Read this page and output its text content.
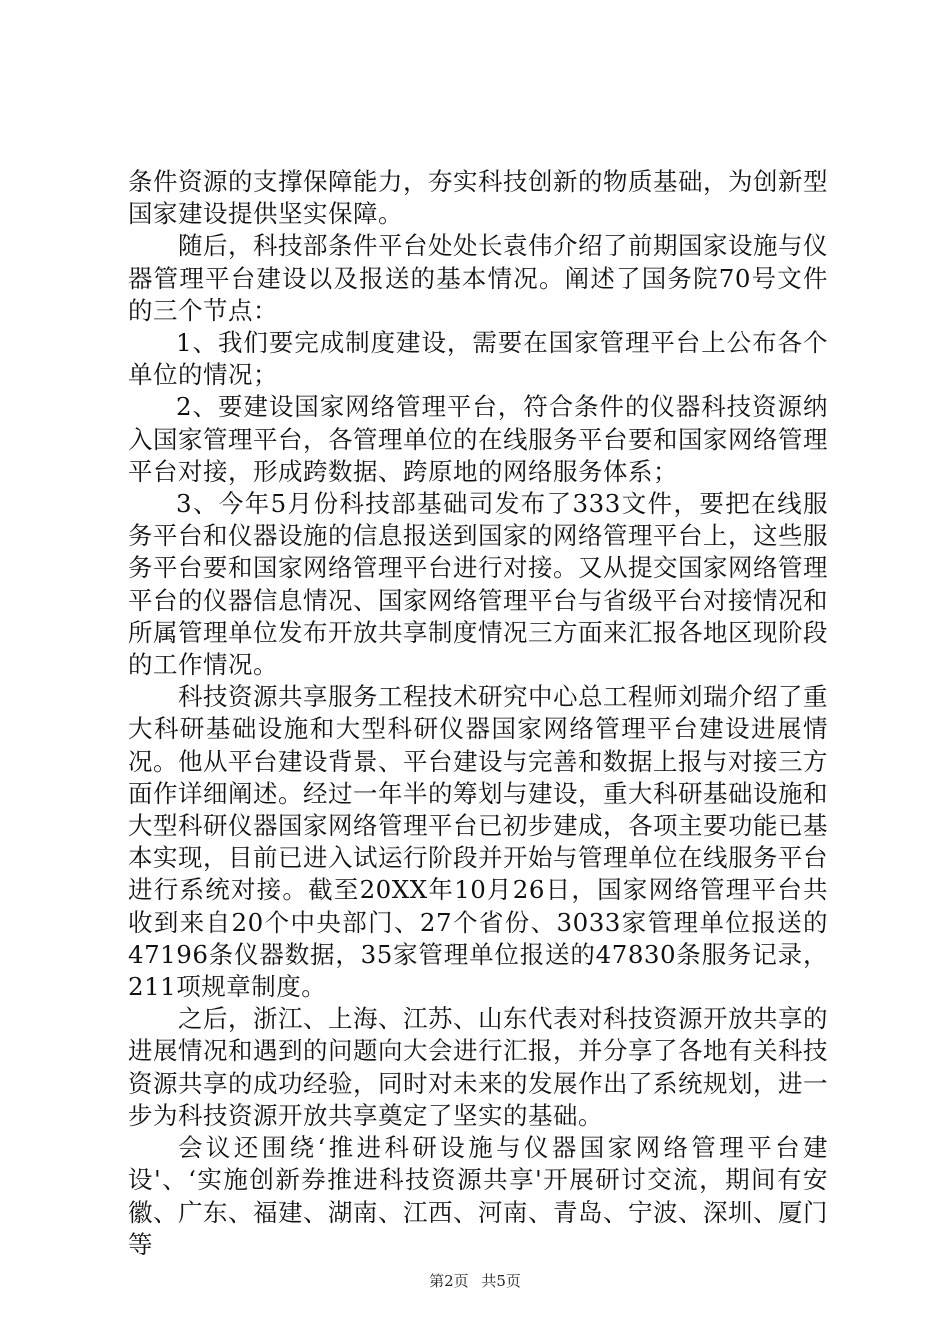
条件资源的支撑保障能力，夯实科技创新的物质基础，为创新型国家建设提供坚实保障。

随后，科技部条件平台处处长袁伟介绍了前期国家设施与仪器管理平台建设以及报送的基本情况。阐述了国务院70号文件的三个节点：

1、我们要完成制度建设，需要在国家管理平台上公布各个单位的情况；

2、要建设国家网络管理平台，符合条件的仪器科技资源纳入国家管理平台，各管理单位的在线服务平台要和国家网络管理平台对接，形成跨数据、跨原地的网络服务体系；

3、今年5月份科技部基础司发布了333文件，要把在线服务平台和仪器设施的信息报送到国家的网络管理平台上，这些服务平台要和国家网络管理平台进行对接。又从提交国家网络管理平台的仪器信息情况、国家网络管理平台与省级平台对接情况和所属管理单位发布开放共享制度情况三方面来汇报各地区现阶段的工作情况。

科技资源共享服务工程技术研究中心总工程师刘瑞介绍了重大科研基础设施和大型科研仪器国家网络管理平台建设进展情况。他从平台建设背景、平台建设与完善和数据上报与对接三方面作详细阐述。经过一年半的筹划与建设，重大科研基础设施和大型科研仪器国家网络管理平台已初步建成，各项主要功能已基本实现，目前已进入试运行阶段并开始与管理单位在线服务平台进行系统对接。截至20XX年10月26日，国家网络管理平台共收到来自20个中央部门、27个省份、3033家管理单位报送的47196条仪器数据，35家管理单位报送的47830条服务记录，211项规章制度。

之后，浙江、上海、江苏、山东代表对科技资源开放共享的进展情况和遇到的问题向大会进行汇报，并分享了各地有关科技资源共享的成功经验，同时对未来的发展作出了系统规划，进一步为科技资源开放共享奠定了坚实的基础。

会议还围绕‘推进科研设施与仪器国家网络管理平台建设'、‘实施创新券推进科技资源共享'开展研讨交流，期间有安徽、广东、福建、湖南、江西、河南、青岛、宁波、深圳、厦门等

第2页 共5页
